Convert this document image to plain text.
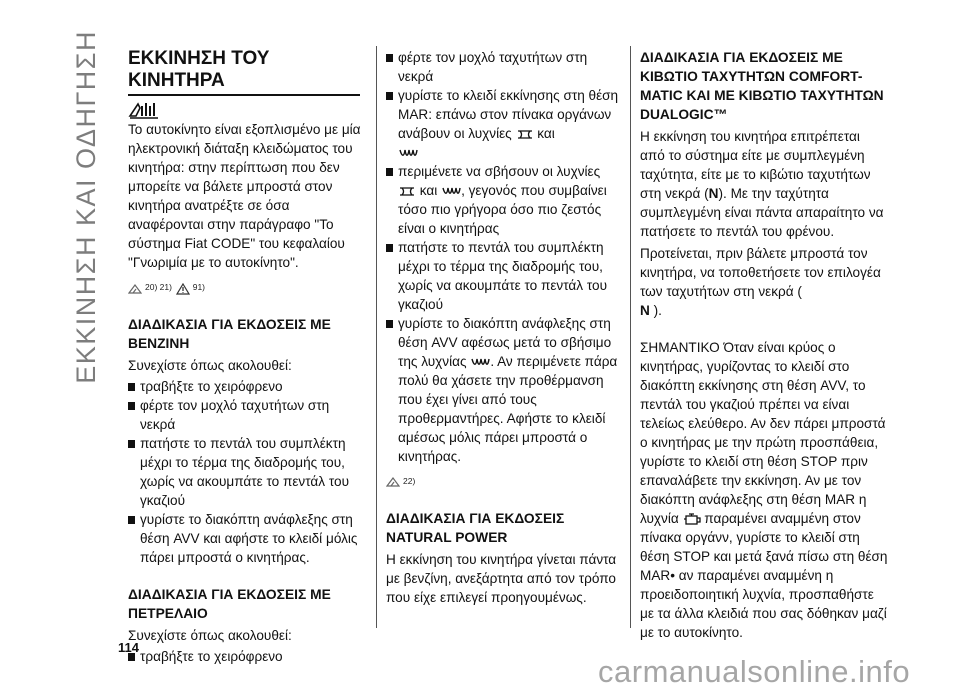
ΕΚΚΙΝΗΣΗ ΚΑΙ ΟΔΗΓΗΣΗ ΕΚΚΙΝΗΣΗ ΤΟΥ ΚΙΝΗΤΗΡΑ

Το αυτοκίνητο είναι εξοπλισμένο με μία ηλεκτρονική διάταξη κλειδώματος του κινητήρα: στην περίπτωση που δεν μπορείτε να βάλετε μπροστά στον κινητήρα ανατρέξτε σε όσα αναφέρονται στην παράγραφο "Το σύστημα Fiat CODE" του κεφαλαίου "Γνωριμία με το αυτοκίνητο".

20) 21)
91)

ΔΙΑΔΙΚΑΣΙΑ ΓΙΑ ΕΚΔΟΣΕΙΣ ΜΕ ΒΕΝΖΙΝΗ

Συνεχίστε όπως ακολουθεί:

τραβήξτε το χειρόφρενο

φέρτε τον μοχλό ταχυτήτων στη νεκρά

πατήστε το πεντάλ του συμπλέκτη μέχρι το τέρμα της διαδρομής του, χωρίς να ακουμπάτε το πεντάλ του γκαζιού

γυρίστε το διακόπτη ανάφλεξης στη θέση AVV και αφήστε το κλειδί μόλις πάρει μπροστά ο κινητήρας.

ΔΙΑΔΙΚΑΣΙΑ ΓΙΑ ΕΚΔΟΣΕΙΣ ΜΕ ΠΕΤΡΕΛΑΙΟ

Συνεχίστε όπως ακολουθεί:

τραβήξτε το χειρόφρενο

φέρτε τον μοχλό ταχυτήτων στη νεκρά

γυρίστε το κλειδί εκκίνησης στη θέση MAR: επάνω στον πίνακα οργάνων ανάβουν οι λυχνίες και

περιμένετε να σβήσουν οι λυχνίες
και , γεγονός που συμβαίνει τόσο πιο γρήγορα όσο πιο ζεστός είναι ο κινητήρας

πατήστε το πεντάλ του συμπλέκτη μέχρι το τέρμα της διαδρομής του, χωρίς να ακουμπάτε το πεντάλ του γκαζιού

γυρίστε το διακόπτη ανάφλεξης στη θέση AVV αφέσως μετά το σβήσιμο της λυχνίας . Αν περιμένετε πάρα πολύ θα χάσετε την προθέρμανση που έχει γίνει από τους προθερμαντήρες. Αφήστε το κλειδί αμέσως μόλις πάρει μπροστά ο κινητήρας.

22)

ΔΙΑΔΙΚΑΣΙΑ ΓΙΑ ΕΚΔΟΣΕΙΣ NATURAL POWER

Η εκκίνηση του κινητήρα γίνεται πάντα με βενζίνη, ανεξάρτητα από τον τρόπο που είχε επιλεγεί προηγουμένως.

ΔΙΑΔΙΚΑΣΙΑ ΓΙΑ ΕΚΔΟΣΕΙΣ ΜΕ ΚΙΒΩΤΙΟ ΤΑΧΥΤΗΤΩΝ COMFORT-MATIC ΚΑΙ ΜΕ ΚΙΒΩΤΙΟ ΤΑΧΥΤΗΤΩΝ DUALOGIC™

Η εκκίνηση του κινητήρα επιτρέπεται από το σύστημα είτε με συμπλεγμένη ταχύτητα, είτε με το κιβώτιο ταχυτήτων στη νεκρά (N). Με την ταχύτητα συμπλεγμένη είναι πάντα απαραίτητο να πατήσετε το πεντάλ του φρένου.

Προτείνεται, πριν βάλετε μπροστά τον κινητήρα, να τοποθετήσετε τον επιλογέα των ταχυτήτων στη νεκρά (
N ).

ΣΗΜΑΝΤΙΚΟ Όταν είναι κρύος ο κινητήρας, γυρίζοντας το κλειδί στο διακόπτη εκκίνησης στη θέση AVV, το πεντάλ του γκαζιού πρέπει να είναι τελείως ελεύθερο. Αν δεν πάρει μπροστά ο κινητήρας με την πρώτη προσπάθεια, γυρίστε το κλειδί στη θέση STOP πριν επαναλάβετε την εκκίνηση. Αν με τον διακόπτη ανάφλεξης στη θέση MAR η λυχνία παραμένει αναμμένη στον πίνακα οργάνν, γυρίστε το κλειδί στη θέση STOP και μετά ξανά πίσω στη θέση MAR• αν παραμένει αναμμένη η προειδοποιητική λυχνία, προσπαθήστε με τα άλλα κλειδιά που σας δόθηκαν μαζί με το αυτοκίνητο.

114
carmanualsonline.info
